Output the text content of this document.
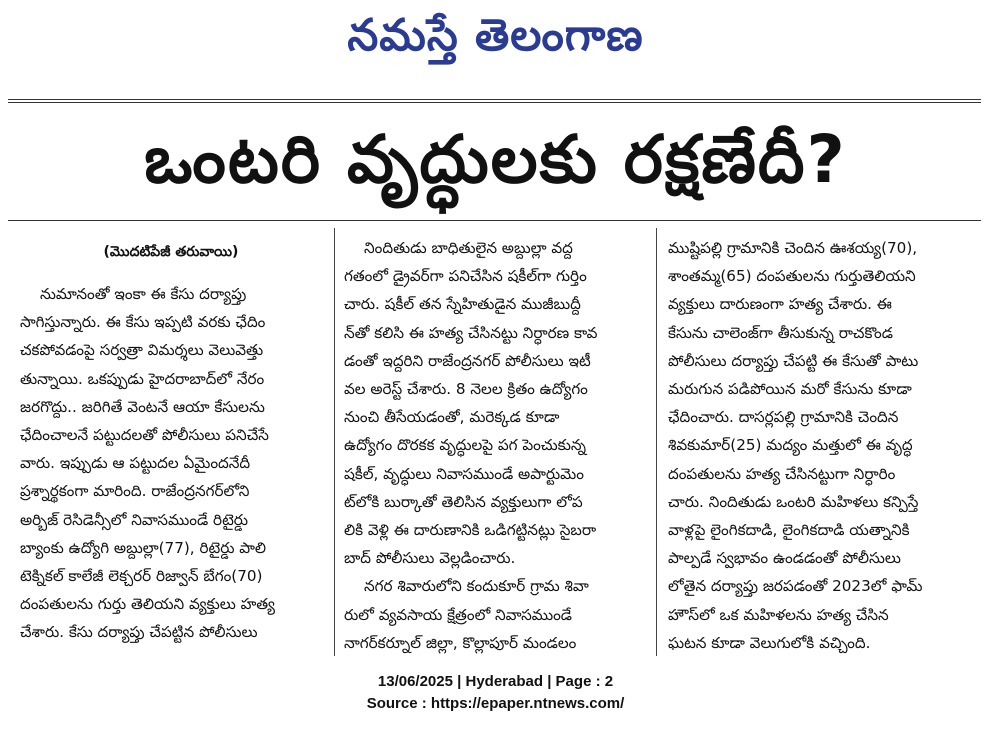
నమస్తే తెలంగాణ
ఒంటరి వృద్ధులకు రక్షణేదీ?
(మొదటిపేజీ తరువాయి)

నుమానంతో ఇంకా ఈ కేసు దర్యాప్తు
సాగిస్తున్నారు. ఈ కేసు ఇప్పటి వరకు ఛేదిం
చకపోవడంపై సర్వత్రా విమర్శలు వెలువెత్తు
తున్నాయి. ఒకప్పుడు హైదరాబాద్‌లో నేరం
జరగొద్దు.. జరిగితే వెంటనే ఆయా కేసులను
ఛేదించాలనే పట్టుదలతో పోలీసులు పనిచేసే
వారు. ఇప్పుడు ఆ పట్టుదల ఏమైందనేదీ
ప్రశ్నార్థకంగా మారింది. రాజేంద్రనగర్‌లోని
అర్బిజ్ రెసిడెన్సీలో నివాసముండే రిటైర్డు
బ్యాంకు ఉద్యోగి అబ్దుల్లా(77), రిటైర్డు పాలి
టెక్నికల్ కాలేజీ లెక్చరర్ రిజ్వాన్ బేగం(70)
దంపతులను గుర్తు తెలియని వ్యక్తులు హత్య
చేశారు. కేసు దర్యాప్తు చేపట్టిన పోలీసులు

నిందితుడు బాధితులైన అబ్దుల్లా వద్ద
గతంలో డ్రైవర్‌గా పనిచేసిన షకీల్‌గా గుర్తిం
చారు. షకీల్ తన స్నేహితుడైన ముజీబుద్దీ
న్‌తో కలిసి ఈ హత్య చేసినట్టు నిర్ధారణ కావ
డంతో ఇద్దరిని రాజేంద్రనగర్ పోలీసులు ఇటీ
వల అరెస్ట్ చేశారు. 8 నెలల క్రితం ఉద్యోగం
నుంచి తీసేయడంతో, మరెక్కడ కూడా
ఉద్యోగం దొరకక వృద్ధులపై పగ పెంచుకున్న
షకీల్, వృద్ధులు నివాసముండే అపార్టుమెం
ట్‌లోకి బుర్కాతో తెలిసిన వ్యక్తులుగా లోప
లికి వెళ్లి ఈ దారుణానికి ఒడిగట్టినట్లు సైబరా
బాద్ పోలీసులు వెల్లడించారు.
నగర శివారులోని కందుకూర్ గ్రామ శివా
రులో వ్యవసాయ క్షేత్రంలో నివాసముండే
నాగర్‌కర్నూల్ జిల్లా, కొల్లాపూర్ మండలం

ముష్టిపల్లి గ్రామానికి చెందిన ఊశయ్య(70),
శాంతమ్మ(65) దంపతులను గుర్తుతెలియని
వ్యక్తులు దారుణంగా హత్య చేశారు. ఈ
కేసును చాలెంజ్‌గా తీసుకున్న రాచకొండ
పోలీసులు దర్యాప్తు చేపట్టి ఈ కేసుతో పాటు
మరుగున పడిపోయిన మరో కేసును కూడా
ఛేదించారు. దాసర్లపల్లి గ్రామానికి చెందిన
శివకుమార్(25) మద్యం మత్తులో ఈ వృద్ధ
దంపతులను హత్య చేసినట్టుగా నిర్ధారిం
చారు. నిందితుడు ఒంటరి మహిళలు కన్పిస్తే
వాళ్లపై లైంగికదాడి, లైంగికదాడి యత్నానికి
పాల్పడే స్వభావం ఉండడంతో పోలీసులు
లోతైన దర్యాప్తు జరపడంతో 2023లో ఫామ్
హౌస్‌లో ఒక మహిళలను హత్య చేసిన
ఘటన కూడా వెలుగులోకి వచ్చింది.

13/06/2025 | Hyderabad | Page : 2
Source : https://epaper.ntnews.com/
